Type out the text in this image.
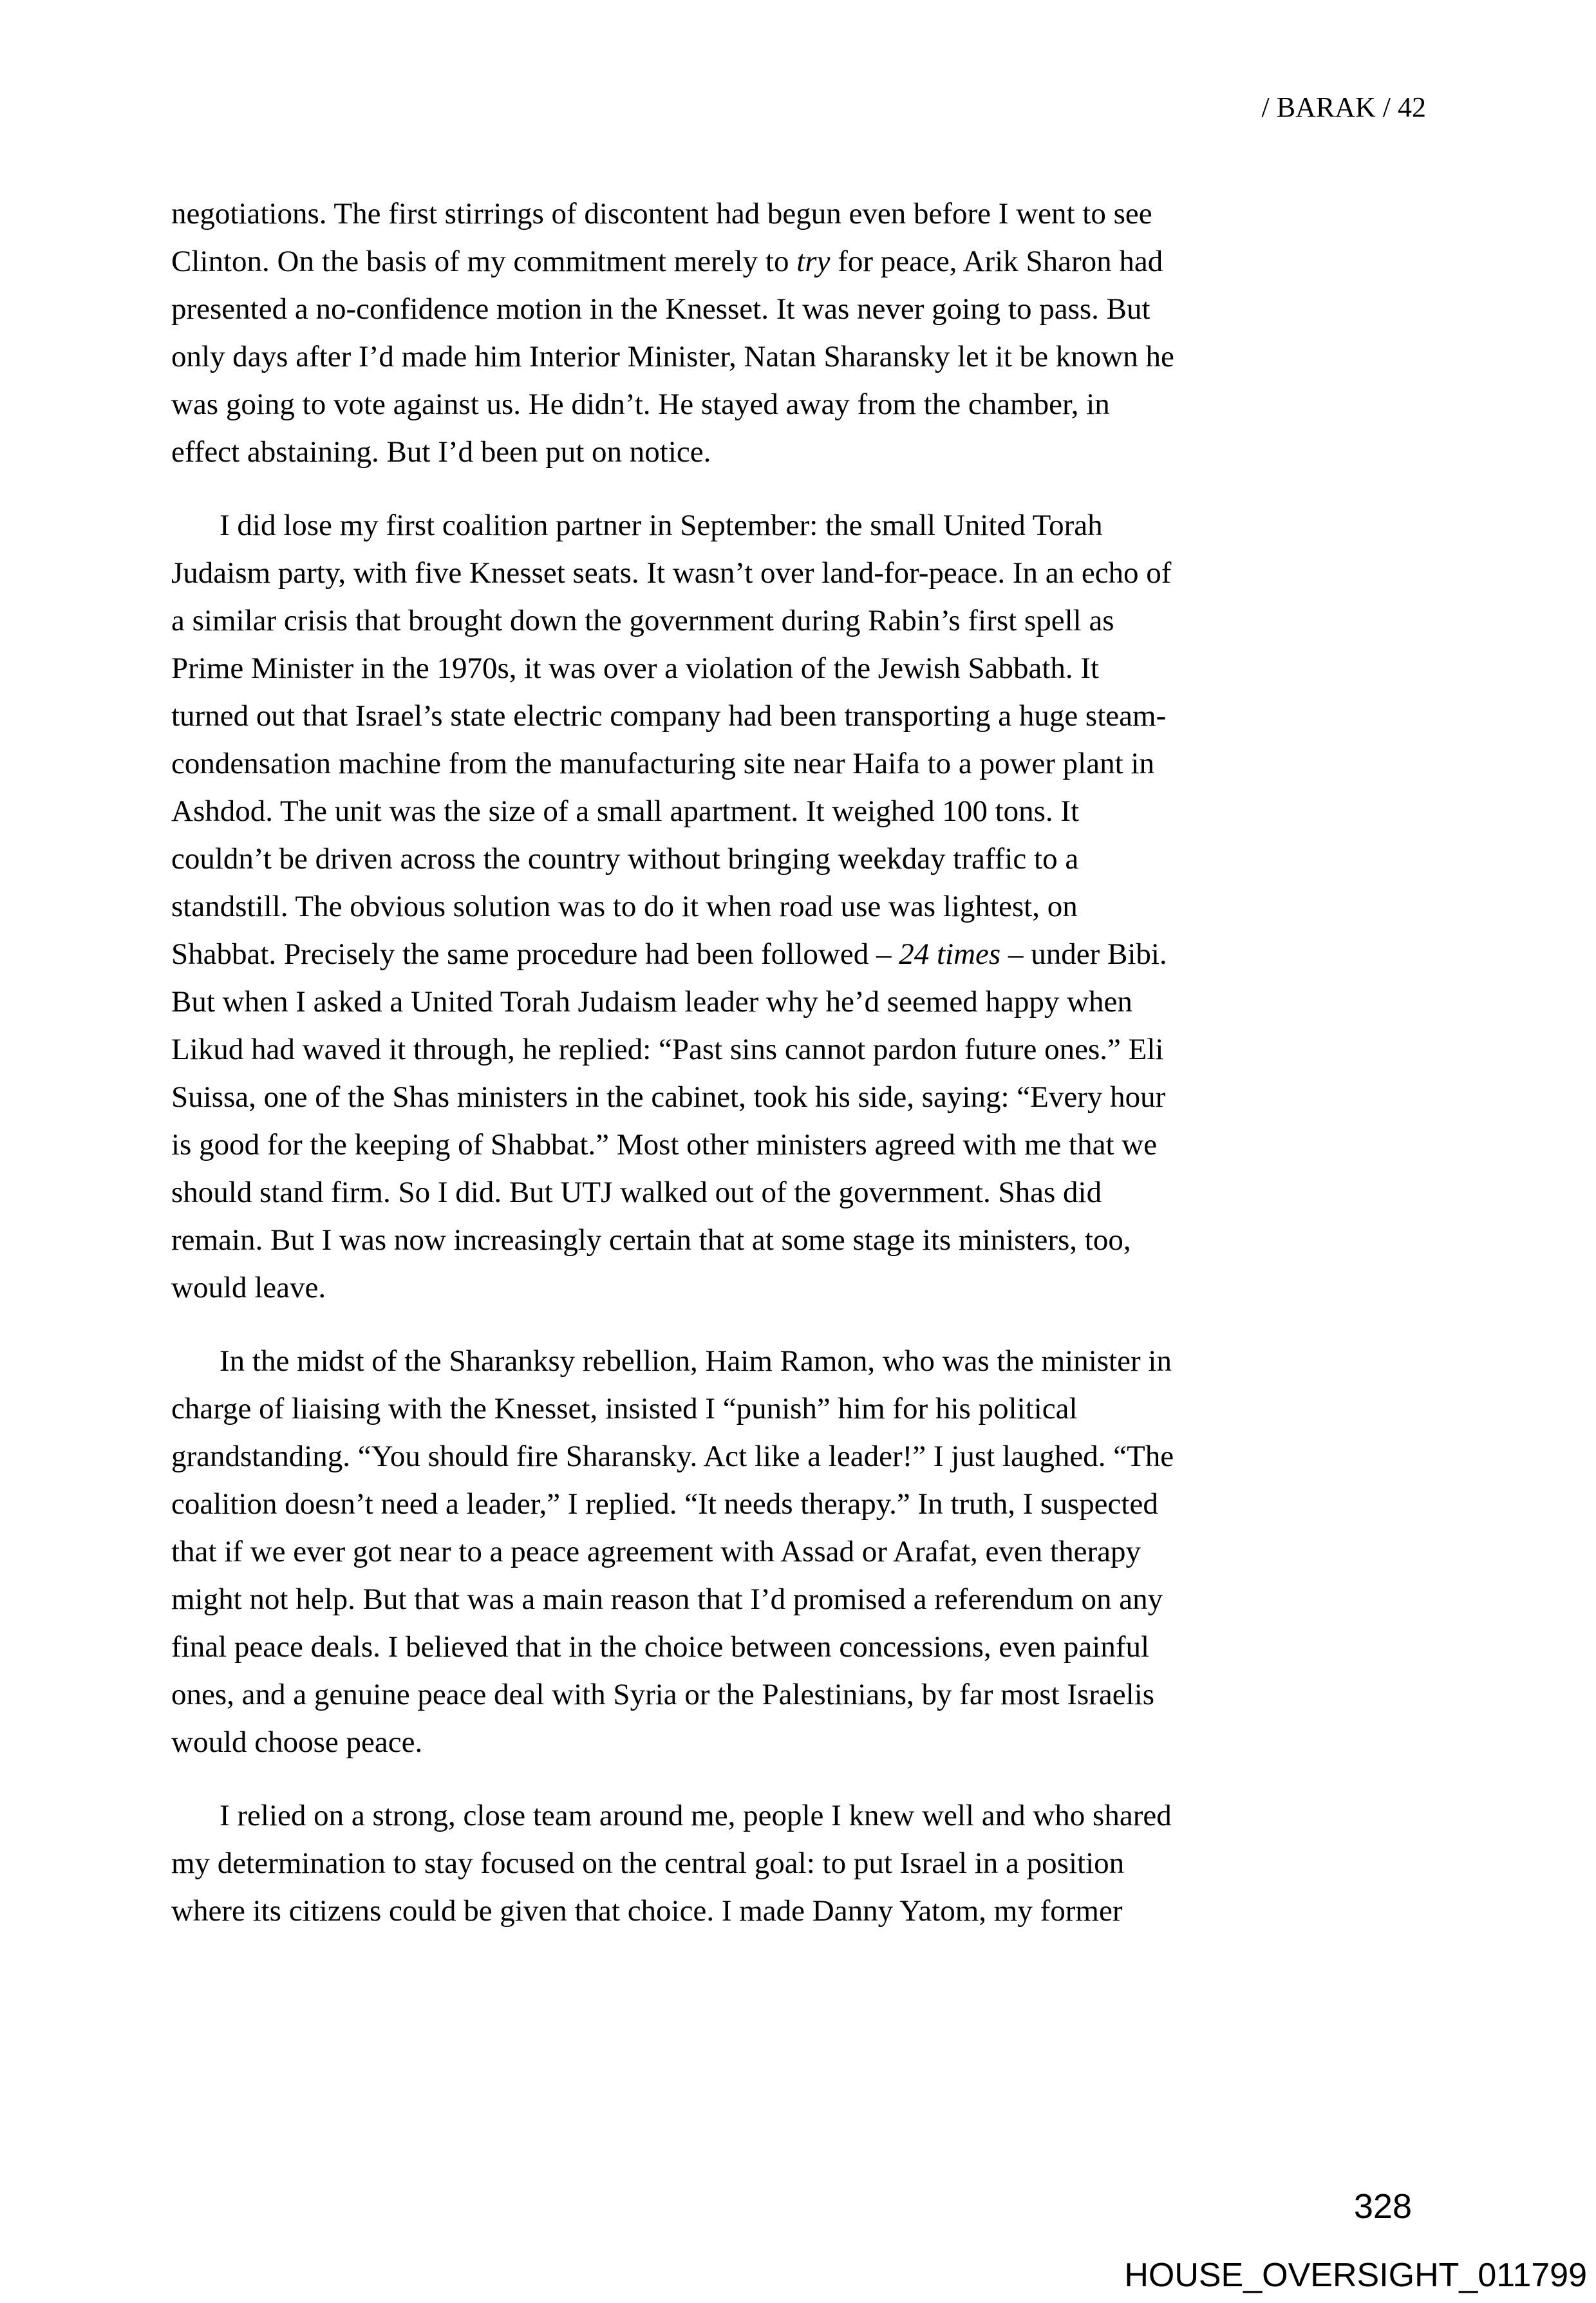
/ BARAK / 42

negotiations. The first stirrings of discontent had begun even before I went to see
Clinton. On the basis of my commitment merely to try for peace, Arik Sharon had
presented a no-confidence motion in the Knesset. It was never going to pass. But
only days after I’d made him Interior Minister, Natan Sharansky let it be known he
was going to vote against us. He didn’t. He stayed away from the chamber, in
effect abstaining. But I’d been put on notice.

I did lose my first coalition partner in September: the small United Torah
Judaism party, with five Knesset seats. It wasn’t over land-for-peace. In an echo of
a similar crisis that brought down the government during Rabin’s first spell as
Prime Minister in the 1970s, it was over a violation of the Jewish Sabbath. It
turned out that Israel’s state electric company had been transporting a huge steam-
condensation machine from the manufacturing site near Haifa to a power plant in
Ashdod. The unit was the size of a small apartment. It weighed 100 tons. It
couldn’t be driven across the country without bringing weekday traffic to a
standstill. The obvious solution was to do it when road use was lightest, on
Shabbat. Precisely the same procedure had been followed – 24 times – under Bibi.
But when I asked a United Torah Judaism leader why he’d seemed happy when
Likud had waved it through, he replied: “Past sins cannot pardon future ones.” Eli
Suissa, one of the Shas ministers in the cabinet, took his side, saying: “Every hour
is good for the keeping of Shabbat.” Most other ministers agreed with me that we
should stand firm. So I did. But UTJ walked out of the government. Shas did
remain. But I was now increasingly certain that at some stage its ministers, too,
would leave.

In the midst of the Sharanksy rebellion, Haim Ramon, who was the minister in
charge of liaising with the Knesset, insisted I “punish” him for his political
grandstanding. “You should fire Sharansky. Act like a leader!” I just laughed. “The
coalition doesn’t need a leader,” I replied. “It needs therapy.” In truth, I suspected
that if we ever got near to a peace agreement with Assad or Arafat, even therapy
might not help. But that was a main reason that I’d promised a referendum on any
final peace deals. I believed that in the choice between concessions, even painful
ones, and a genuine peace deal with Syria or the Palestinians, by far most Israelis
would choose peace.

I relied on a strong, close team around me, people I knew well and who shared
my determination to stay focused on the central goal: to put Israel in a position
where its citizens could be given that choice. I made Danny Yatom, my former

328
HOUSE_OVERSIGHT_011799
